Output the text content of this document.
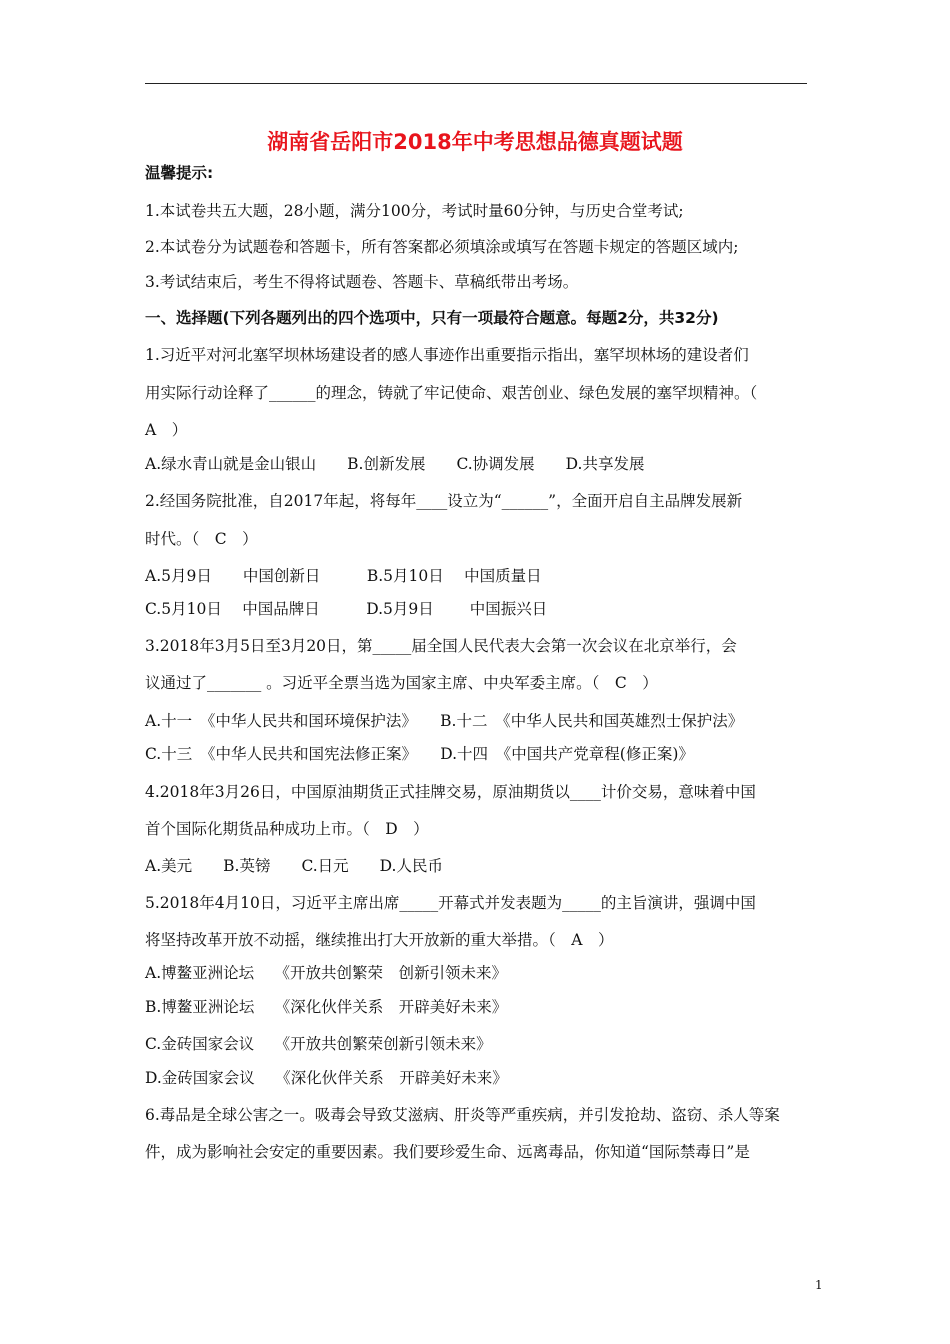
湖南省岳阳市2018年中考思想品德真题试题
温馨提示:
1.本试卷共五大题，28小题，满分100分，考试时量60分钟，与历史合堂考试;
2.本试卷分为试题卷和答题卡，所有答案都必须填涂或填写在答题卡规定的答题区域内;
3.考试结束后，考生不得将试题卷、答题卡、草稿纸带出考场。
一、选择题(下列各题列出的四个选项中，只有一项最符合题意。每题2分，共32分)
1.习近平对河北塞罕坝林场建设者的感人事迹作出重要指示指出，塞罕坝林场的建设者们
用实际行动诠释了______的理念，铸就了牢记使命、艰苦创业、绿色发展的塞罕坝精神。（
A　）
A.绿水青山就是金山银山　　B.创新发展　　C.协调发展　　D.共享发展
2.经国务院批准，自2017年起，将每年____设立为“______”，全面开启自主品牌发展新
时代。（　C　）
A.5月9日　　中国创新日　　　B.5月10日　 中国质量日
C.5月10日　 中国品牌日　　　D.5月9日　　 中国振兴日
3.2018年3月5日至3月20日，第_____届全国人民代表大会第一次会议在北京举行，会
议通过了_______ 。习近平全票当选为国家主席、中央军委主席。（　C　）
A.十一　《中华人民共和国环境保护法》　　B.十二　《中华人民共和国英雄烈士保护法》
C.十三　《中华人民共和国宪法修正案》　　D.十四　《中国共产党章程(修正案)》
4.2018年3月26日，中国原油期货正式挂牌交易，原油期货以____计价交易，意味着中国
首个国际化期货品种成功上市。（　D　）
A.美元　　B.英镑　　C.日元　　D.人民币
5.2018年4月10日，习近平主席出席_____开幕式并发表题为_____的主旨演讲，强调中国
将坚持改革开放不动摇，继续推出打大开放新的重大举措。（　A　）
A.博鳌亚洲论坛　 《开放共创繁荣　创新引领未来》
B.博鳌亚洲论坛　 《深化伙伴关系　开辟美好未来》
C.金砖国家会议　 《开放共创繁荣创新引领未来》
D.金砖国家会议　 《深化伙伴关系　开辟美好未来》
6.毒品是全球公害之一。吸毒会导致艾滋病、肝炎等严重疾病，并引发抢劫、盗窃、杀人等案
件，成为影响社会安定的重要因素。我们要珍爱生命、远离毒品，你知道“国际禁毒日”是
1
